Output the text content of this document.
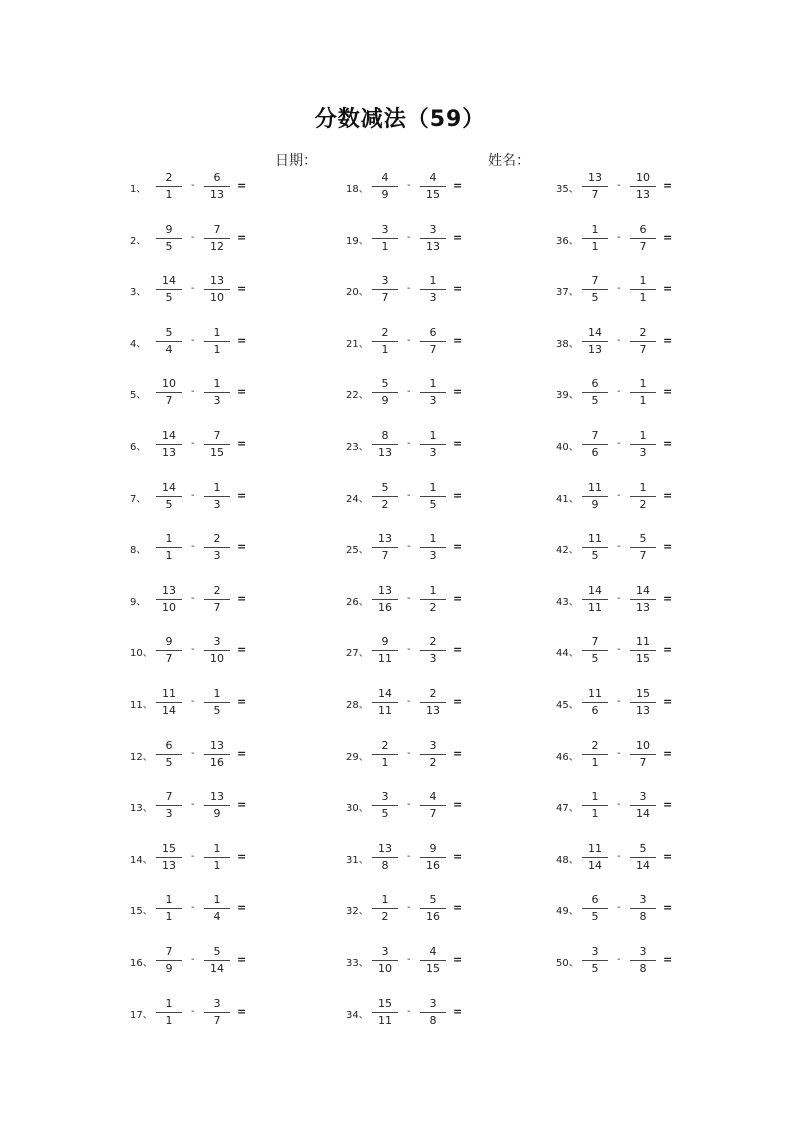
分数减法（59）
日期：	姓名：
1、
2
1
-
6
13
=
2、
9
5
-
7
12
=
3、
14
5
-
13
10
=
4、
5
4
-
1
1
=
5、
10
7
-
1
3
=
6、
14
13
-
7
15
=
7、
14
5
-
1
3
=
8、
1
1
-
2
3
=
9、
13
10
-
2
7
=
10、
9
7
-
3
10
=
11、
11
14
-
1
5
=
12、
6
5
-
13
16
=
13、
7
3
-
13
9
=
14、
15
13
-
1
1
=
15、
1
1
-
1
4
=
16、
7
9
-
5
14
=
17、
1
1
-
3
7
=
18、
4
9
-
4
15
=
19、
3
1
-
3
13
=
20、
3
7
-
1
3
=
21、
2
1
-
6
7
=
22、
5
9
-
1
3
=
23、
8
13
-
1
3
=
24、
5
2
-
1
5
=
25、
13
7
-
1
3
=
26、
13
16
-
1
2
=
27、
9
11
-
2
3
=
28、
14
11
-
2
13
=
29、
2
1
-
3
2
=
30、
3
5
-
4
7
=
31、
13
8
-
9
16
=
32、
1
2
-
5
16
=
33、
3
10
-
4
15
=
34、
15
11
-
3
8
=
35、
13
7
-
10
13
=
36、
1
1
-
6
7
=
37、
7
5
-
1
1
=
38、
14
13
-
2
7
=
39、
6
5
-
1
1
=
40、
7
6
-
1
3
=
41、
11
9
-
1
2
=
42、
11
5
-
5
7
=
43、
14
11
-
14
13
=
44、
7
5
-
11
15
=
45、
11
6
-
15
13
=
46、
2
1
-
10
7
=
47、
1
1
-
3
14
=
48、
11
14
-
5
14
=
49、
6
5
-
3
8
=
50、
3
5
-
3
8
=
